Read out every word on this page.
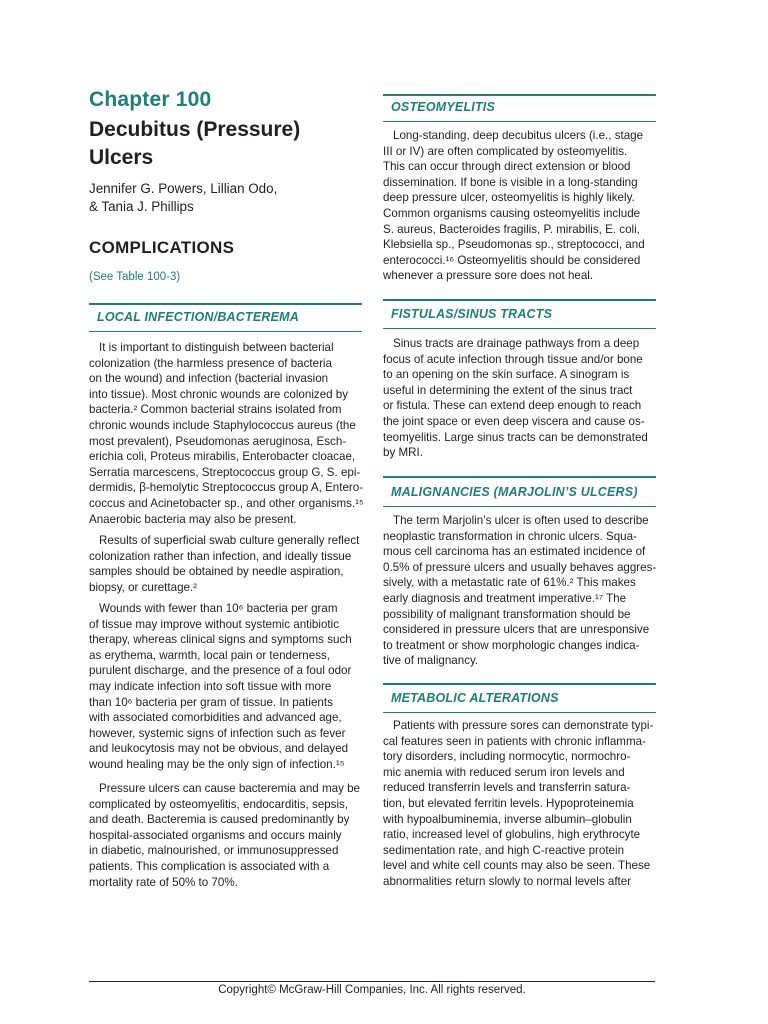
Chapter 100
Decubitus (Pressure)
Ulcers
Jennifer G. Powers, Lillian Odo,
& Tania J. Phillips
COMPLICATIONS
(See Table 100-3)
LOCAL INFECTION/BACTEREMA
It is important to distinguish between bacterial
colonization (the harmless presence of bacteria
on the wound) and infection (bacterial invasion
into tissue). Most chronic wounds are colonized by
bacteria.² Common bacterial strains isolated from
chronic wounds include Staphylococcus aureus (the
most prevalent), Pseudomonas aeruginosa, Esch-
erichia coli, Proteus mirabilis, Enterobacter cloacae,
Serratia marcescens, Streptococcus group G, S. epi-
dermidis, β-hemolytic Streptococcus group A, Entero-
coccus and Acinetobacter sp., and other organisms.¹⁵
Anaerobic bacteria may also be present.
Results of superficial swab culture generally reflect
colonization rather than infection, and ideally tissue
samples should be obtained by needle aspiration,
biopsy, or curettage.²
Wounds with fewer than 10⁶ bacteria per gram
of tissue may improve without systemic antibiotic
therapy, whereas clinical signs and symptoms such
as erythema, warmth, local pain or tenderness,
purulent discharge, and the presence of a foul odor
may indicate infection into soft tissue with more
than 10⁶ bacteria per gram of tissue. In patients
with associated comorbidities and advanced age,
however, systemic signs of infection such as fever
and leukocytosis may not be obvious, and delayed
wound healing may be the only sign of infection.¹⁵
Pressure ulcers can cause bacteremia and may be
complicated by osteomyelitis, endocarditis, sepsis,
and death. Bacteremia is caused predominantly by
hospital-associated organisms and occurs mainly
in diabetic, malnourished, or immunosuppressed
patients. This complication is associated with a
mortality rate of 50% to 70%.
OSTEOMYELITIS
Long-standing, deep decubitus ulcers (i.e., stage
III or IV) are often complicated by osteomyelitis.
This can occur through direct extension or blood
dissemination. If bone is visible in a long-standing
deep pressure ulcer, osteomyelitis is highly likely.
Common organisms causing osteomyelitis include
S. aureus, Bacteroides fragilis, P. mirabilis, E. coli,
Klebsiella sp., Pseudomonas sp., streptococci, and
enterococci.¹⁶ Osteomyelitis should be considered
whenever a pressure sore does not heal.
FISTULAS/SINUS TRACTS
Sinus tracts are drainage pathways from a deep
focus of acute infection through tissue and/or bone
to an opening on the skin surface. A sinogram is
useful in determining the extent of the sinus tract
or fistula. These can extend deep enough to reach
the joint space or even deep viscera and cause os-
teomyelitis. Large sinus tracts can be demonstrated
by MRI.
MALIGNANCIES (MARJOLIN’S ULCERS)
The term Marjolin’s ulcer is often used to describe
neoplastic transformation in chronic ulcers. Squa-
mous cell carcinoma has an estimated incidence of
0.5% of pressure ulcers and usually behaves aggres-
sively, with a metastatic rate of 61%.² This makes
early diagnosis and treatment imperative.¹⁷ The
possibility of malignant transformation should be
considered in pressure ulcers that are unresponsive
to treatment or show morphologic changes indica-
tive of malignancy.
METABOLIC ALTERATIONS
Patients with pressure sores can demonstrate typi-
cal features seen in patients with chronic inflamma-
tory disorders, including normocytic, normochro-
mic anemia with reduced serum iron levels and
reduced transferrin levels and transferrin satura-
tion, but elevated ferritin levels. Hypoproteinemia
with hypoalbuminemia, inverse albumin–globulin
ratio, increased level of globulins, high erythrocyte
sedimentation rate, and high C-reactive protein
level and white cell counts may also be seen. These
abnormalities return slowly to normal levels after
Copyright© McGraw-Hill Companies, Inc. All rights reserved.
